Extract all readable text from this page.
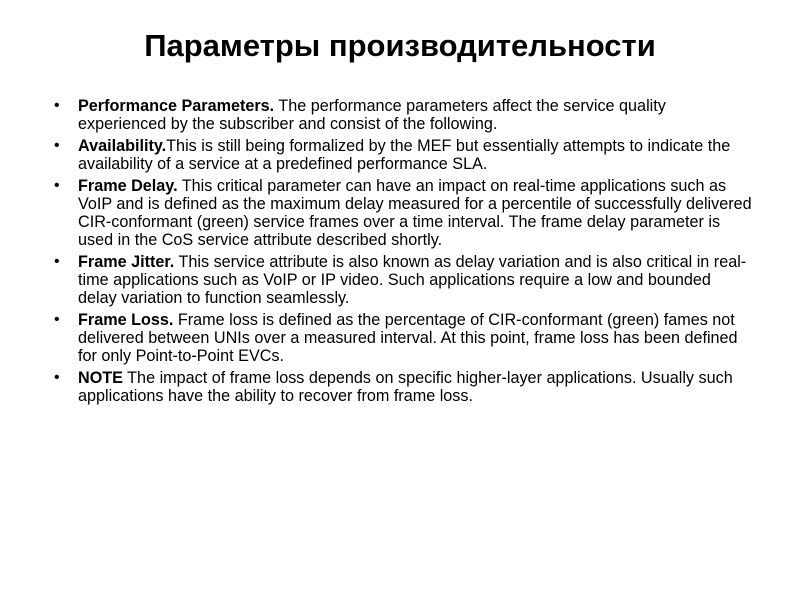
Параметры производительности
• Performance Parameters. The performance parameters affect the service quality experienced by the subscriber and consist of the following.
• Availability.This is still being formalized by the MEF but essentially attempts to indicate the availability of a service at a predefined performance SLA.
• Frame Delay. This critical parameter can have an impact on real-time applications such as VoIP and is defined as the maximum delay measured for a percentile of successfully delivered CIR-conformant (green) service frames over a time interval. The frame delay parameter is used in the CoS service attribute described shortly.
• Frame Jitter. This service attribute is also known as delay variation and is also critical in real-time applications such as VoIP or IP video. Such applications require a low and bounded delay variation to function seamlessly.
• Frame Loss. Frame loss is defined as the percentage of CIR-conformant (green) fames not delivered between UNIs over a measured interval. At this point, frame loss has been defined for only Point-to-Point EVCs.
• NOTE The impact of frame loss depends on specific higher-layer applications. Usually such applications have the ability to recover from frame loss.
